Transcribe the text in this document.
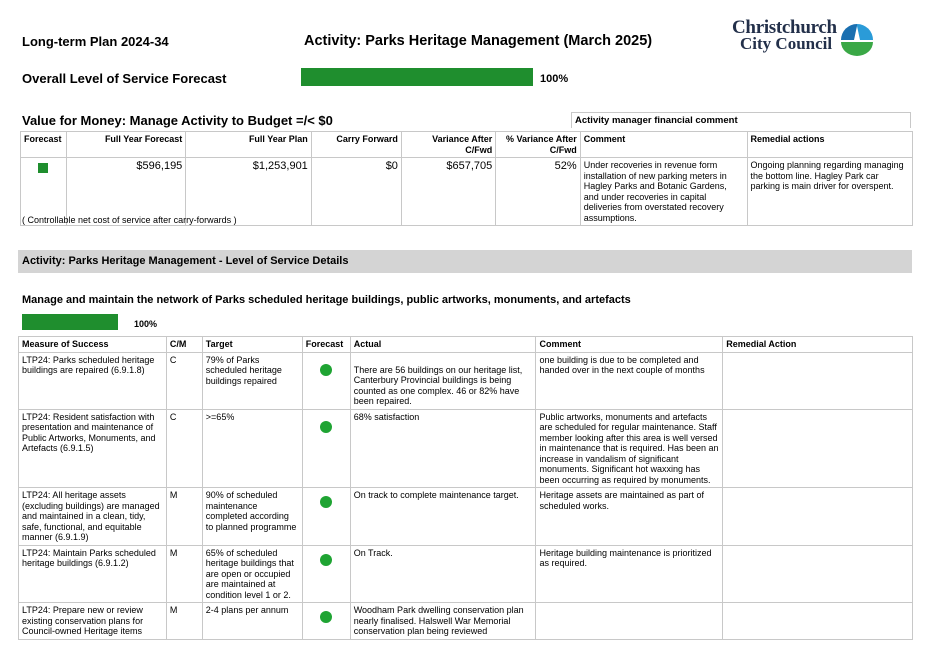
Long-term Plan 2024-34	Activity: Parks Heritage Management (March 2025)
Christchurch
City Council
Overall Level of Service Forecast	100%
Value for Money: Manage Activity to Budget =/< $0	Activity manager financial comment
Forecast	Full Year Forecast	Full Year Plan	Carry Forward	Variance After C/Fwd	% Variance After C/Fwd	Comment	Remedial actions
	$596,195	$1,253,901	$0	$657,705	52%	Under recoveries in revenue form installation of new parking meters in Hagley Parks and Botanic Gardens, and under recoveries in capital deliveries from overstated recovery assumptions.	Ongoing planning regarding managing the bottom line. Hagley Park car parking is main driver for overspent.
( Controllable net cost of service after carry-forwards )
Activity: Parks Heritage Management - Level of Service Details
Manage and maintain the network of Parks scheduled heritage buildings, public artworks, monuments, and artefacts
100%
Measure of Success	C/M	Target	Forecast	Actual	Comment	Remedial Action
LTP24: Parks scheduled heritage buildings are repaired (6.9.1.8)	C	79% of Parks scheduled heritage buildings repaired		There are 56 buildings on our heritage list, Canterbury Provincial buildings is being counted as one complex. 46 or 82% have been repaired.	one building is due to be completed and handed over in the next couple of months	
LTP24: Resident satisfaction with presentation and maintenance of Public Artworks, Monuments, and Artefacts (6.9.1.5)	C	>=65%		68% satisfaction	Public artworks, monuments and artefacts are scheduled for regular maintenance. Staff member looking after this area is well versed in maintenance that is required. Has been an increase in vandalism of significant monuments. Significant hot waxxing has been occurring as required by monuments.	
LTP24: All heritage assets (excluding buildings) are managed and maintained in a clean, tidy, safe, functional, and equitable manner (6.9.1.9)	M	90% of scheduled maintenance completed according to planned programme		On track to complete maintenance target.	Heritage assets are maintained as part of scheduled works.	
LTP24: Maintain Parks scheduled heritage buildings (6.9.1.2)	M	65% of scheduled heritage buildings that are open or occupied are maintained at condition level 1 or 2.		On Track.	Heritage building maintenance is prioritized as required.	
LTP24: Prepare new or review existing conservation plans for Council-owned Heritage items	M	2-4 plans per annum		Woodham Park dwelling conservation plan nearly finalised. Halswell War Memorial conservation plan being reviewed		
